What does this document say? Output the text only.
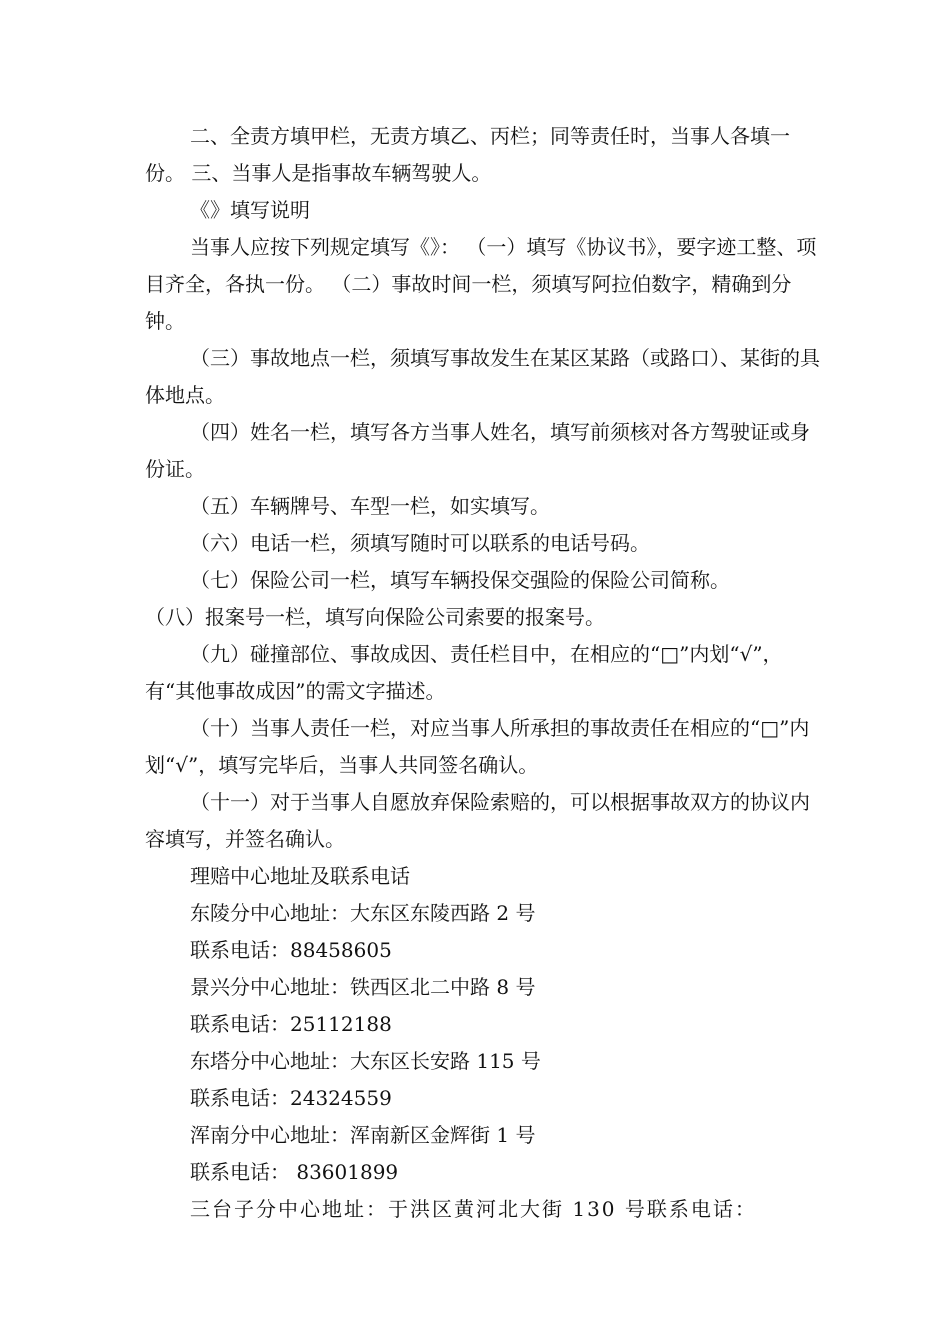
二、全责方填甲栏，无责方填乙、丙栏；同等责任时，当事人各填一份。 三、当事人是指事故车辆驾驶人。

《》填写说明

当事人应按下列规定填写《》： （一）填写《协议书》，要字迹工整、项目齐全，各执一份。 （二）事故时间一栏，须填写阿拉伯数字，精确到分钟。

（三）事故地点一栏，须填写事故发生在某区某路（或路口）、某街的具体地点。

（四）姓名一栏，填写各方当事人姓名，填写前须核对各方驾驶证或身份证。

（五）车辆牌号、车型一栏，如实填写。

（六）电话一栏，须填写随时可以联系的电话号码。

（七）保险公司一栏，填写车辆投保交强险的保险公司简称。

（八）报案号一栏，填写向保险公司索要的报案号。

（九）碰撞部位、事故成因、责任栏目中，在相应的“□”内划“√”，有“其他事故成因”的需文字描述。

（十）当事人责任一栏，对应当事人所承担的事故责任在相应的“□”内划“√”，填写完毕后，当事人共同签名确认。

（十一）对于当事人自愿放弃保险索赔的，可以根据事故双方的协议内容填写，并签名确认。

理赔中心地址及联系电话

东陵分中心地址：大东区东陵西路 2 号

联系电话：88458605

景兴分中心地址：铁西区北二中路 8 号

联系电话：25112188

东塔分中心地址：大东区长安路 115 号

联系电话：24324559

浑南分中心地址：浑南新区金辉街 1 号

联系电话： 83601899

三台子分中心地址：于洪区黄河北大街 130 号联系电话：
